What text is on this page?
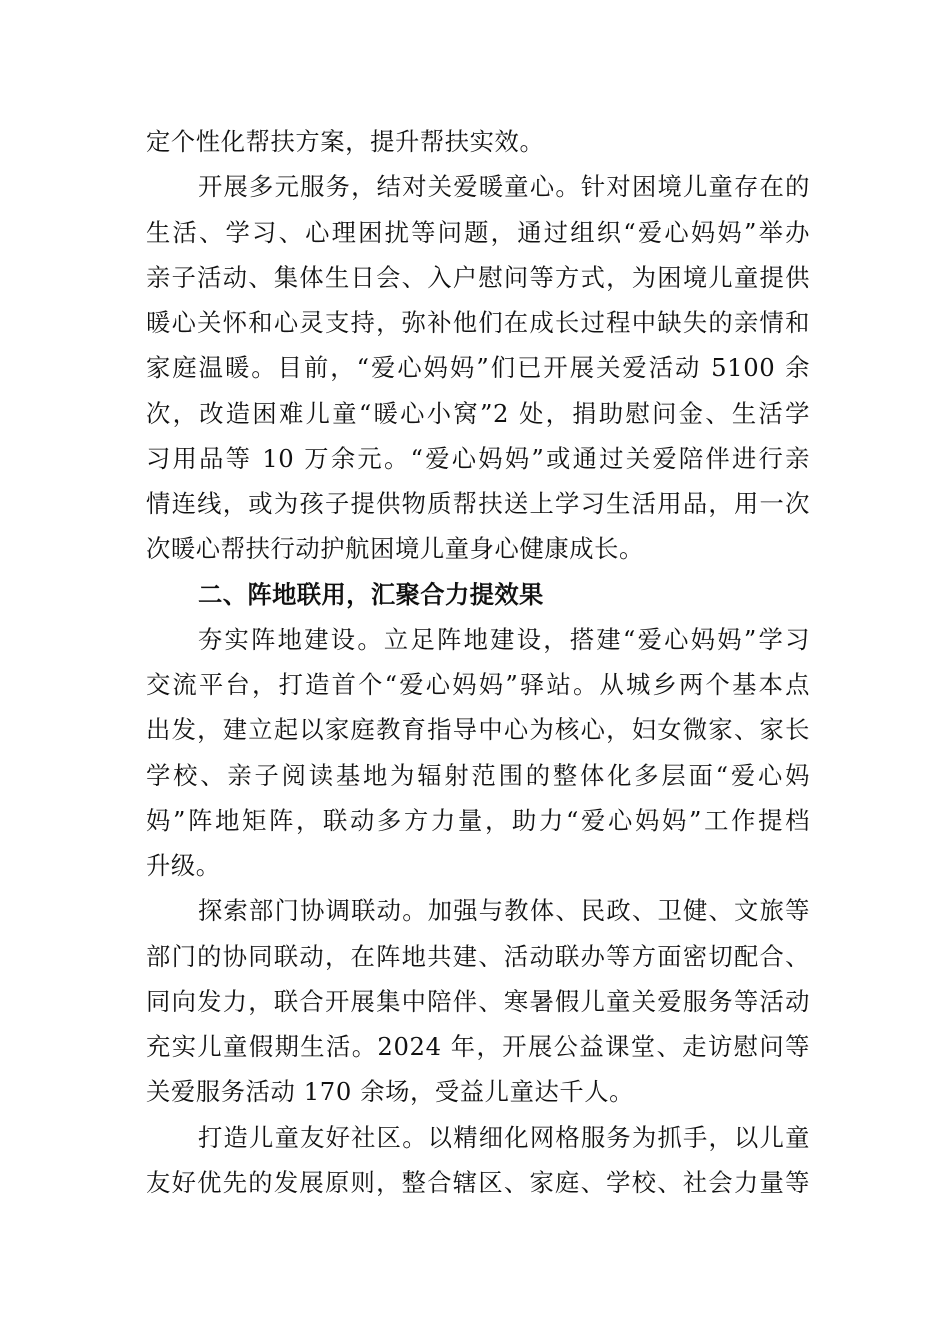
定个性化帮扶方案，提升帮扶实效。
开展多元服务，结对关爱暖童心。针对困境儿童存在的
生活、学习、心理困扰等问题，通过组织“爱心妈妈”举办
亲子活动、集体生日会、入户慰问等方式，为困境儿童提供
暖心关怀和心灵支持，弥补他们在成长过程中缺失的亲情和
家庭温暖。目前，“爱心妈妈”们已开展关爱活动 5100 余
次，改造困难儿童“暖心小窝”2 处，捐助慰问金、生活学
习用品等 10 万余元。“爱心妈妈”或通过关爱陪伴进行亲
情连线，或为孩子提供物质帮扶送上学习生活用品，用一次
次暖心帮扶行动护航困境儿童身心健康成长。
二、阵地联用，汇聚合力提效果
夯实阵地建设。立足阵地建设，搭建“爱心妈妈”学习
交流平台，打造首个“爱心妈妈”驿站。从城乡两个基本点
出发，建立起以家庭教育指导中心为核心，妇女微家、家长
学校、亲子阅读基地为辐射范围的整体化多层面“爱心妈
妈”阵地矩阵，联动多方力量，助力“爱心妈妈”工作提档
升级。
探索部门协调联动。加强与教体、民政、卫健、文旅等
部门的协同联动，在阵地共建、活动联办等方面密切配合、
同向发力，联合开展集中陪伴、寒暑假儿童关爱服务等活动
充实儿童假期生活。2024 年，开展公益课堂、走访慰问等
关爱服务活动 170 余场，受益儿童达千人。
打造儿童友好社区。以精细化网格服务为抓手，以儿童
友好优先的发展原则，整合辖区、家庭、学校、社会力量等
